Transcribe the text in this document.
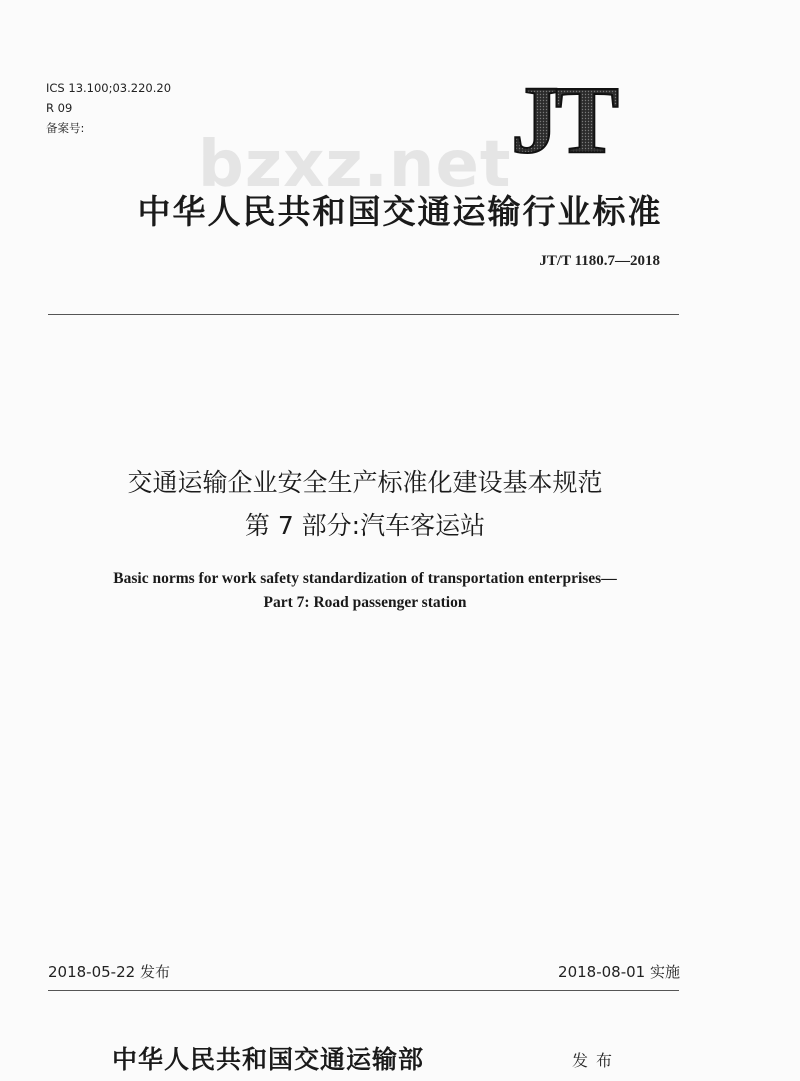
ICS 13.100;03.220.20
R 09
备案号:	JT
bzxz.net
中华人民共和国交通运输行业标准
JT/T 1180.7—2018
交通运输企业安全生产标准化建设基本规范
第 7 部分:汽车客运站
Basic norms for work safety standardization of transportation enterprises—
Part 7: Road passenger station
2018-05-22 发布	2018-08-01 实施
中华人民共和国交通运输部	发布
